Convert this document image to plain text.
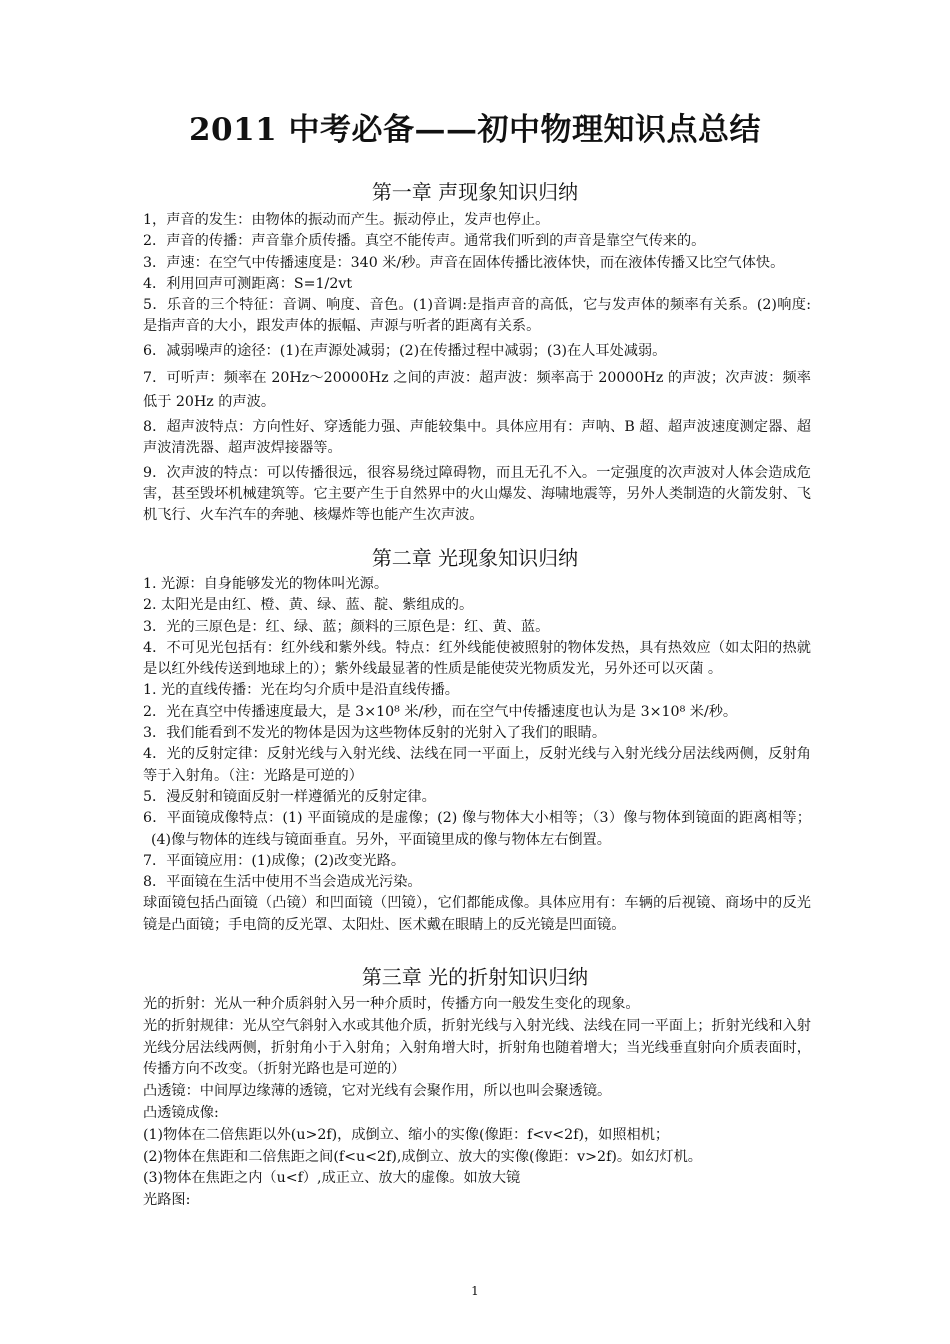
2011 中考必备——初中物理知识点总结
第一章 声现象知识归纳

1，声音的发生：由物体的振动而产生。振动停止，发声也停止。

2．声音的传播：声音靠介质传播。真空不能传声。通常我们听到的声音是靠空气传来的。

3．声速：在空气中传播速度是：340 米/秒。声音在固体传播比液体快，而在液体传播又比空气体快。

4．利用回声可测距离：S=1/2vt

5．乐音的三个特征：音调、响度、音色。(1)音调:是指声音的高低，它与发声体的频率有关系。(2)响度:是指声音的大小，跟发声体的振幅、声源与听者的距离有关系。

6．减弱噪声的途径：(1)在声源处减弱；(2)在传播过程中减弱；(3)在人耳处减弱。

7．可听声：频率在 20Hz～20000Hz 之间的声波：超声波：频率高于 20000Hz 的声波；次声波：频率低于 20Hz 的声波。

8．超声波特点：方向性好、穿透能力强、声能较集中。具体应用有：声呐、B 超、超声波速度测定器、超声波清洗器、超声波焊接器等。

9．次声波的特点：可以传播很远，很容易绕过障碍物，而且无孔不入。一定强度的次声波对人体会造成危害，甚至毁坏机械建筑等。它主要产生于自然界中的火山爆发、海啸地震等，另外人类制造的火箭发射、飞机飞行、火车汽车的奔驰、核爆炸等也能产生次声波。

第二章 光现象知识归纳

1. 光源：自身能够发光的物体叫光源。

2. 太阳光是由红、橙、黄、绿、蓝、靛、紫组成的。

3．光的三原色是：红、绿、蓝；颜料的三原色是：红、黄、蓝。

4．不可见光包括有：红外线和紫外线。特点：红外线能使被照射的物体发热，具有热效应（如太阳的热就是以红外线传送到地球上的）；紫外线最显著的性质是能使荧光物质发光，另外还可以灭菌 。

1. 光的直线传播：光在均匀介质中是沿直线传播。

2．光在真空中传播速度最大，是 3×10⁸ 米/秒，而在空气中传播速度也认为是 3×10⁸ 米/秒。

3．我们能看到不发光的物体是因为这些物体反射的光射入了我们的眼睛。

4．光的反射定律：反射光线与入射光线、法线在同一平面上，反射光线与入射光线分居法线两侧，反射角等于入射角。（注：光路是可逆的）

5．漫反射和镜面反射一样遵循光的反射定律。

6．平面镜成像特点：(1) 平面镜成的是虚像；(2) 像与物体大小相等；（3）像与物体到镜面的距离相等；(4)像与物体的连线与镜面垂直。另外，平面镜里成的像与物体左右倒置。

7．平面镜应用：(1)成像；(2)改变光路。

8．平面镜在生活中使用不当会造成光污染。

球面镜包括凸面镜（凸镜）和凹面镜（凹镜），它们都能成像。具体应用有：车辆的后视镜、商场中的反光镜是凸面镜；手电筒的反光罩、太阳灶、医术戴在眼睛上的反光镜是凹面镜。

第三章 光的折射知识归纳

光的折射：光从一种介质斜射入另一种介质时，传播方向一般发生变化的现象。

光的折射规律：光从空气斜射入水或其他介质，折射光线与入射光线、法线在同一平面上；折射光线和入射光线分居法线两侧，折射角小于入射角；入射角增大时，折射角也随着增大；当光线垂直射向介质表面时，传播方向不改变。（折射光路也是可逆的）

凸透镜：中间厚边缘薄的透镜，它对光线有会聚作用，所以也叫会聚透镜。

凸透镜成像:

(1)物体在二倍焦距以外(u>2f)，成倒立、缩小的实像(像距：f<v<2f)，如照相机；

(2)物体在焦距和二倍焦距之间(f<u<2f),成倒立、放大的实像(像距：v>2f)。如幻灯机。

(3)物体在焦距之内（u<f）,成正立、放大的虚像。如放大镜

光路图:

1
